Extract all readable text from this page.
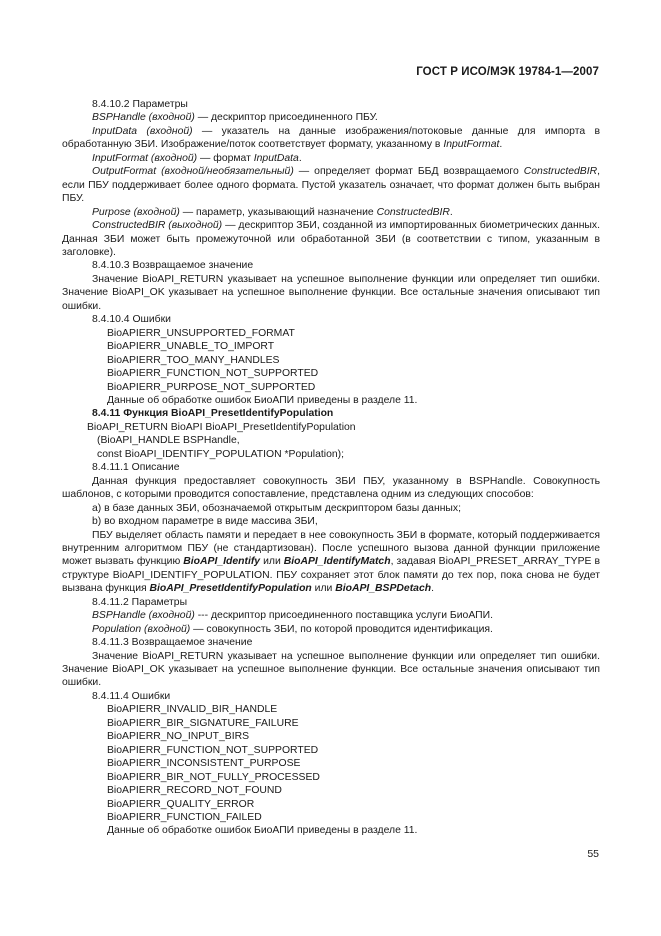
ГОСТ Р ИСО/МЭК 19784-1—2007

8.4.10.2 Параметры

BSPHandle (входной) — дескриптор присоединенного ПБУ.

InputData (входной) — указатель на данные изображения/потоковые данные для импорта в обработанную ЗБИ. Изображение/поток соответствует формату, указанному в InputFormat.

InputFormat (входной) — формат InputData.

OutputFormat (входной/необязательный) — определяет формат ББД возвращаемого ConstructedBIR, если ПБУ поддерживает более одного формата. Пустой указатель означает, что формат должен быть выбран ПБУ.

Purpose (входной) — параметр, указывающий назначение ConstructedBIR.

ConstructedBIR (выходной) — дескриптор ЗБИ, созданной из импортированных биометрических данных. Данная ЗБИ может быть промежуточной или обработанной ЗБИ (в соответствии с типом, указанным в заголовке).

8.4.10.3 Возвращаемое значение

Значение BioAPI_RETURN указывает на успешное выполнение функции или определяет тип ошибки. Значение BioAPI_OK указывает на успешное выполнение функции. Все остальные значения описывают тип ошибки.

8.4.10.4 Ошибки

BioAPIERR_UNSUPPORTED_FORMAT

BioAPIERR_UNABLE_TO_IMPORT

BioAPIERR_TOO_MANY_HANDLES

BioAPIERR_FUNCTION_NOT_SUPPORTED

BioAPIERR_PURPOSE_NOT_SUPPORTED

Данные об обработке ошибок БиоАПИ приведены в разделе 11.

8.4.11 Функция BioAPI_PresetIdentifyPopulation

BioAPI_RETURN BioAPI BioAPI_PresetIdentifyPopulation

(BioAPI_HANDLE BSPHandle,

const BioAPI_IDENTIFY_POPULATION *Population);

8.4.11.1 Описание

Данная функция предоставляет совокупность ЗБИ ПБУ, указанному в BSPHandle. Совокупность шаблонов, с которыми проводится сопоставление, представлена одним из следующих способов:

a) в базе данных ЗБИ, обозначаемой открытым дескриптором базы данных;

b) во входном параметре в виде массива ЗБИ,

ПБУ выделяет область памяти и передает в нее совокупность ЗБИ в формате, который поддерживается внутренним алгоритмом ПБУ (не стандартизован). После успешного вызова данной функции приложение может вызвать функцию BioAPI_Identify или BioAPI_IdentifyMatch, задавая BioAPI_PRESET_ARRAY_TYPE в структуре BioAPI_IDENTIFY_POPULATION. ПБУ сохраняет этот блок памяти до тех пор, пока снова не будет вызвана функция BioAPI_PresetIdentifyPopulation или BioAPI_BSPDetach.

8.4.11.2 Параметры

BSPHandle (входной) --- дескриптор присоединенного поставщика услуги БиоАПИ.

Population (входной) — совокупность ЗБИ, по которой проводится идентификация.

8.4.11.3 Возвращаемое значение

Значение BioAPI_RETURN указывает на успешное выполнение функции или определяет тип ошибки. Значение BioAPI_OK указывает на успешное выполнение функции. Все остальные значения описывают тип ошибки.

8.4.11.4 Ошибки

BioAPIERR_INVALID_BIR_HANDLE

BioAPIERR_BIR_SIGNATURE_FAILURE

BioAPIERR_NO_INPUT_BIRS

BioAPIERR_FUNCTION_NOT_SUPPORTED

BioAPIERR_INCONSISTENT_PURPOSE

BioAPIERR_BIR_NOT_FULLY_PROCESSED

BioAPIERR_RECORD_NOT_FOUND

BioAPIERR_QUALITY_ERROR

BioAPIERR_FUNCTION_FAILED

Данные об обработке ошибок БиоАПИ приведены в разделе 11.

55
